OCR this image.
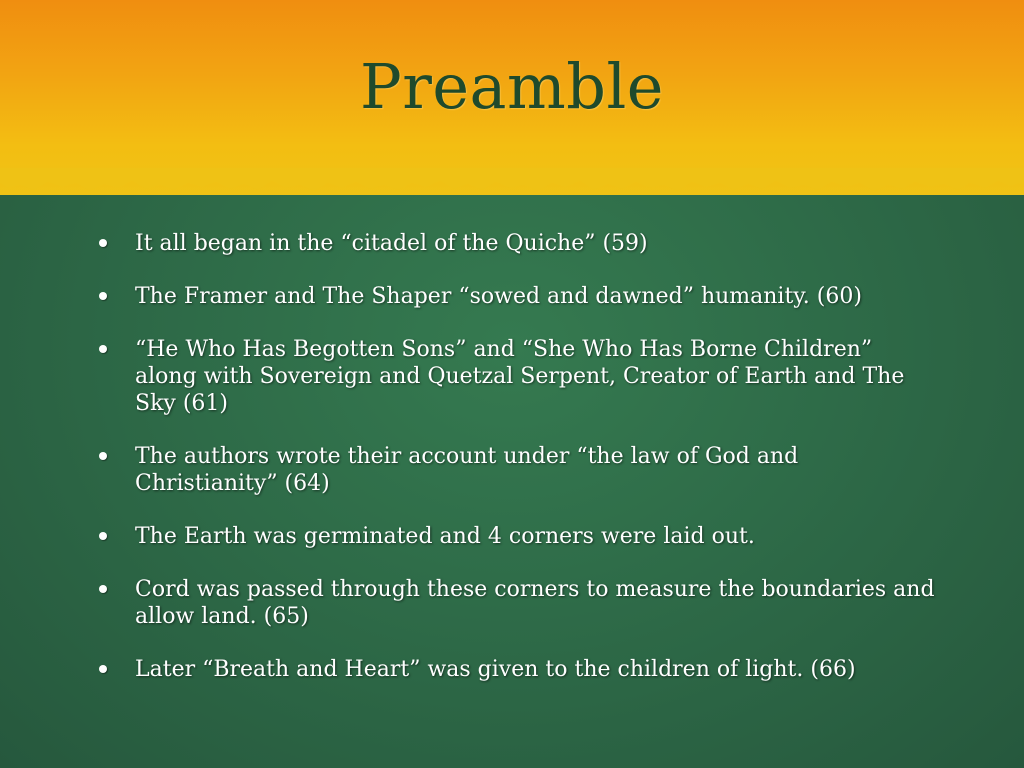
Preamble
It all began in the “citadel of the Quiche” (59)
The Framer and The Shaper “sowed and dawned” humanity. (60)
“He Who Has Begotten Sons” and “She Who Has Borne Children” along with Sovereign and Quetzal Serpent, Creator of Earth and The Sky (61)
The authors wrote their account under “the law of God and Christianity” (64)
The Earth was germinated and 4 corners were laid out.
Cord was passed through these corners to measure the boundaries and allow land. (65)
Later “Breath and Heart” was given to the children of light. (66)
